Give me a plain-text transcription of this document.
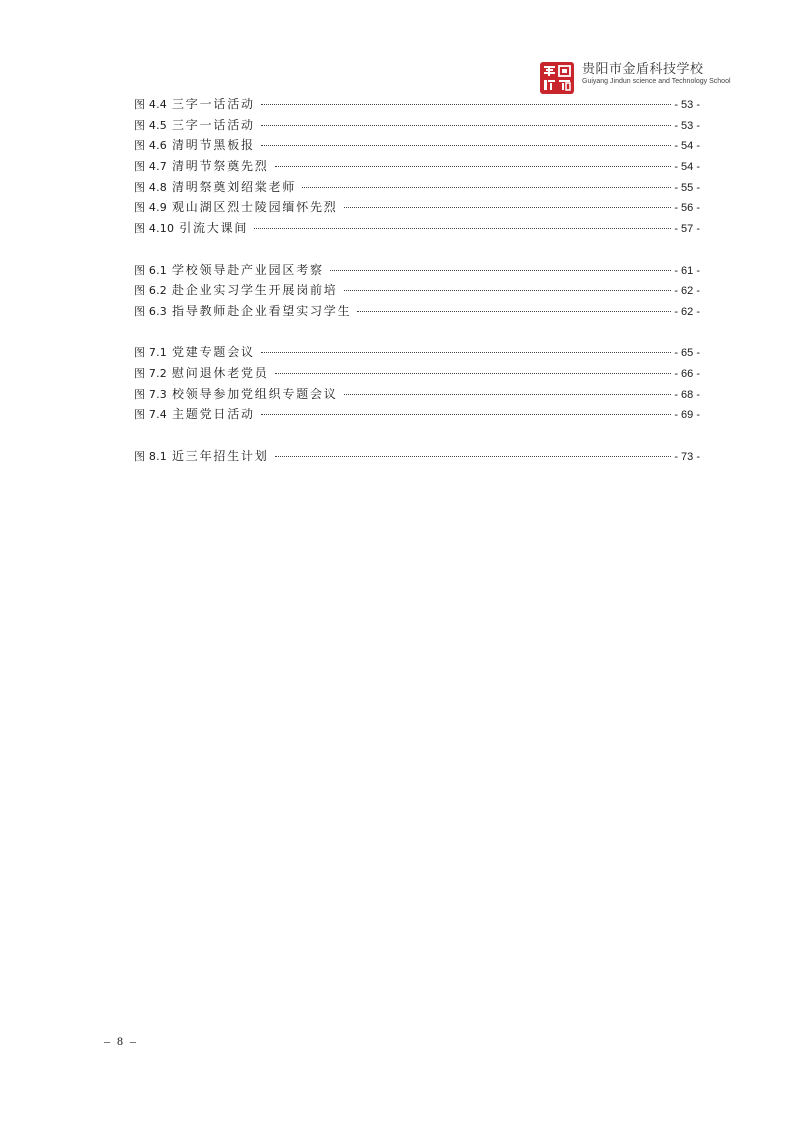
贵阳市金盾科技学校
Guiyang Jindun science and Technology School
图 4.4 三字一话活动	- 53 -
图 4.5 三字一话活动	- 53 -
图 4.6 清明节黑板报	- 54 -
图 4.7 清明节祭奠先烈	- 54 -
图 4.8 清明祭奠刘绍棠老师	- 55 -
图 4.9 观山湖区烈士陵园缅怀先烈	- 56 -
图 4.10 引流大课间	- 57 -
图 6.1 学校领导赴产业园区考察	- 61 -
图 6.2 赴企业实习学生开展岗前培	- 62 -
图 6.3 指导教师赴企业看望实习学生	- 62 -
图 7.1 党建专题会议	- 65 -
图 7.2 慰问退休老党员	- 66 -
图 7.3 校领导参加党组织专题会议	- 68 -
图 7.4 主题党日活动	- 69 -
图 8.1 近三年招生计划	- 73 -
– 8 –
